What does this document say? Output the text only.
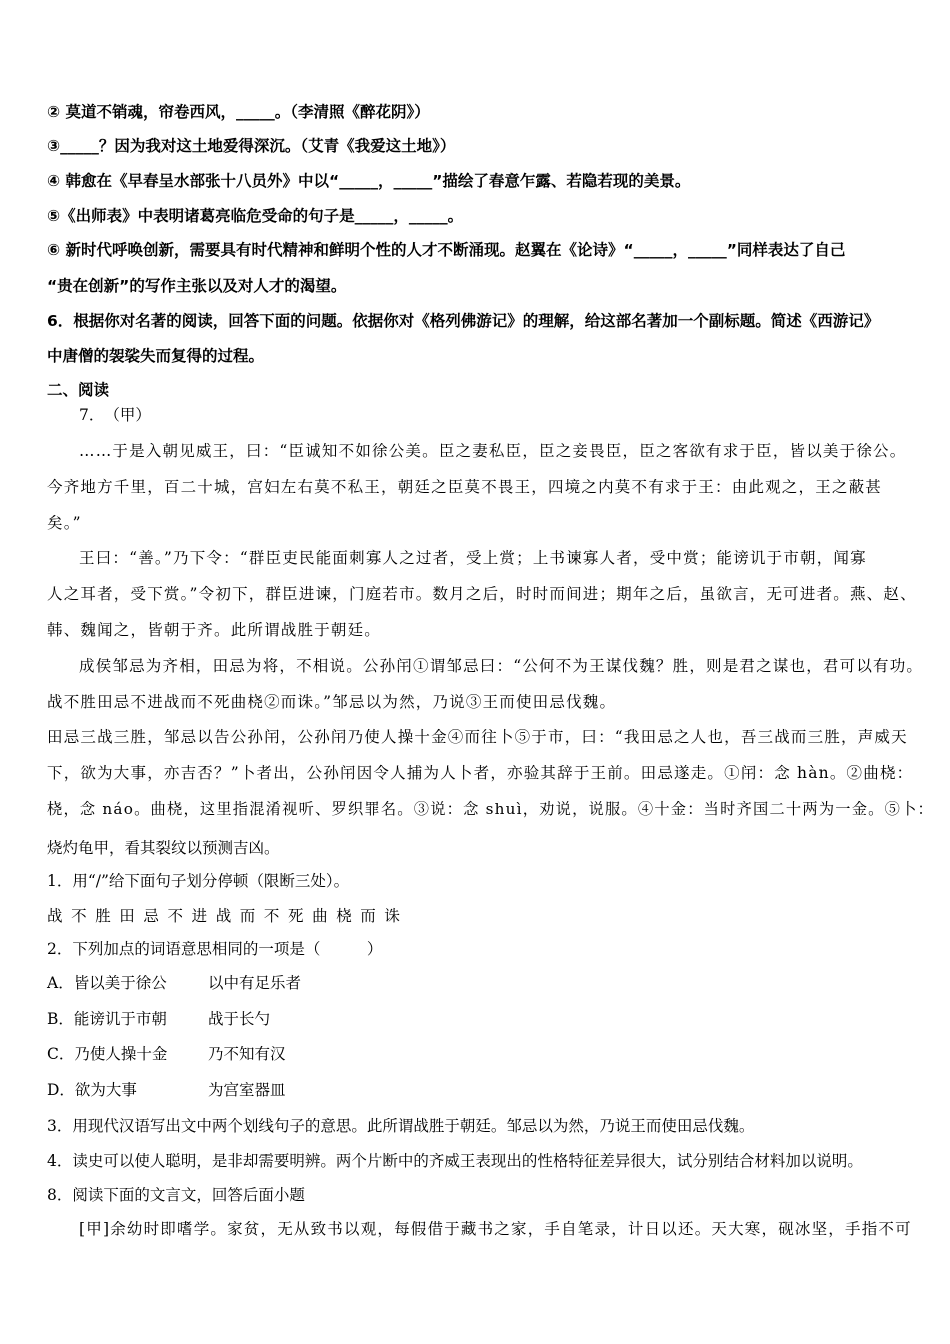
② 莫道不销魂，帘卷西风，_____。（李清照《醉花阴》）
③_____？因为我对这土地爱得深沉。（艾青《我爱这土地》）
④ 韩愈在《早春呈水部张十八员外》中以“_____，_____”描绘了春意乍露、若隐若现的美景。
⑤《出师表》中表明诸葛亮临危受命的句子是_____，_____。
⑥ 新时代呼唤创新，需要具有时代精神和鲜明个性的人才不断涌现。赵翼在《论诗》“_____，_____”同样表达了自己
“贵在创新”的写作主张以及对人才的渴望。
6．根据你对名著的阅读，回答下面的问题。依据你对《格列佛游记》的理解，给这部名著加一个副标题。简述《西游记》
中唐僧的袈裟失而复得的过程。
二、阅读
7．　（甲）
……于是入朝见威王，曰：“臣诚知不如徐公美。臣之妻私臣，臣之妾畏臣，臣之客欲有求于臣，皆以美于徐公。
今齐地方千里，百二十城，宫妇左右莫不私王，朝廷之臣莫不畏王，四境之内莫不有求于王：由此观之，王之蔽甚
矣。”
王曰：“善。”乃下令：“群臣吏民能面刺寡人之过者，受上赏；上书谏寡人者，受中赏；能谤讥于市朝，闻寡
人之耳者，受下赏。”令初下，群臣进谏，门庭若市。数月之后，时时而间进；期年之后，虽欲言，无可进者。燕、赵、
韩、魏闻之，皆朝于齐。此所谓战胜于朝廷。
成侯邹忌为齐相，田忌为将，不相说。公孙闬①谓邹忌曰：“公何不为王谋伐魏？胜，则是君之谋也，君可以有功。
战不胜田忌不进战而不死曲桡②而诛。”邹忌以为然，乃说③王而使田忌伐魏。
田忌三战三胜，邹忌以告公孙闬，公孙闬乃使人操十金④而往卜⑤于市，曰：“我田忌之人也，吾三战而三胜，声威天
下，欲为大事，亦吉否？”卜者出，公孙闬因令人捕为人卜者，亦验其辞于王前。田忌遂走。①闬：念 hàn。②曲桡：
桡，念 náo。曲桡，这里指混淆视听、罗织罪名。③说：念 shuì，劝说，说服。④十金：当时齐国二十两为一金。⑤卜：
烧灼龟甲，看其裂纹以预测吉凶。
1．用“/”给下面句子划分停顿（限断三处）。
战不胜田忌不进战而不死曲桡而诛
2．下列加点的词语意思相同的一项是（　　　）
A．皆以美于徐公	以中有足乐者
B．能谤讥于市朝	战于长勺
C．乃使人操十金	乃不知有汉
D．欲为大事	为宫室器皿
3．用现代汉语写出文中两个划线句子的意思。此所谓战胜于朝廷。邹忌以为然，乃说王而使田忌伐魏。
4．读史可以使人聪明，是非却需要明辨。两个片断中的齐威王表现出的性格特征差异很大，试分别结合材料加以说明。
8．阅读下面的文言文，回答后面小题
[甲]余幼时即嗜学。家贫，无从致书以观，每假借于藏书之家，手自笔录，计日以还。天大寒，砚冰坚，手指不可
